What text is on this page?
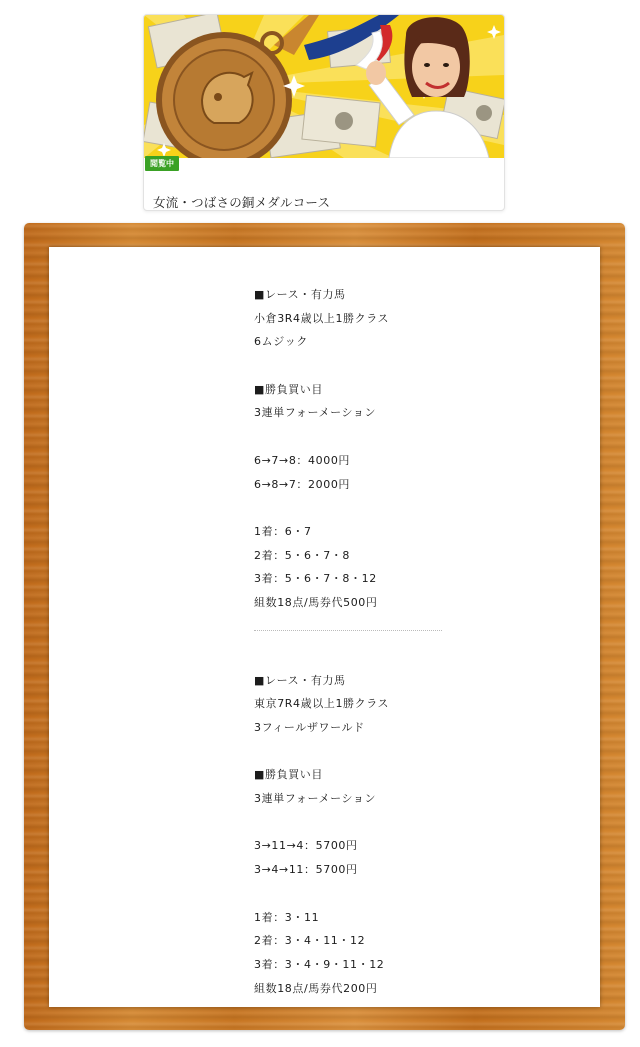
閲覧中
女流・つばさの銅メダルコース
■レース・有力馬
小倉3R4歳以上1勝クラス
6ムジック
■勝負買い目
3連単フォーメーション
6→7→8：4000円
6→8→7：2000円
1着：6・7
2着：5・6・7・8
3着：5・6・7・8・12
組数18点/馬券代500円
■レース・有力馬
東京7R4歳以上1勝クラス
3フィールザワールド
■勝負買い目
3連単フォーメーション
3→11→4：5700円
3→4→11：5700円
1着：3・11
2着：3・4・11・12
3着：3・4・9・11・12
組数18点/馬券代200円
